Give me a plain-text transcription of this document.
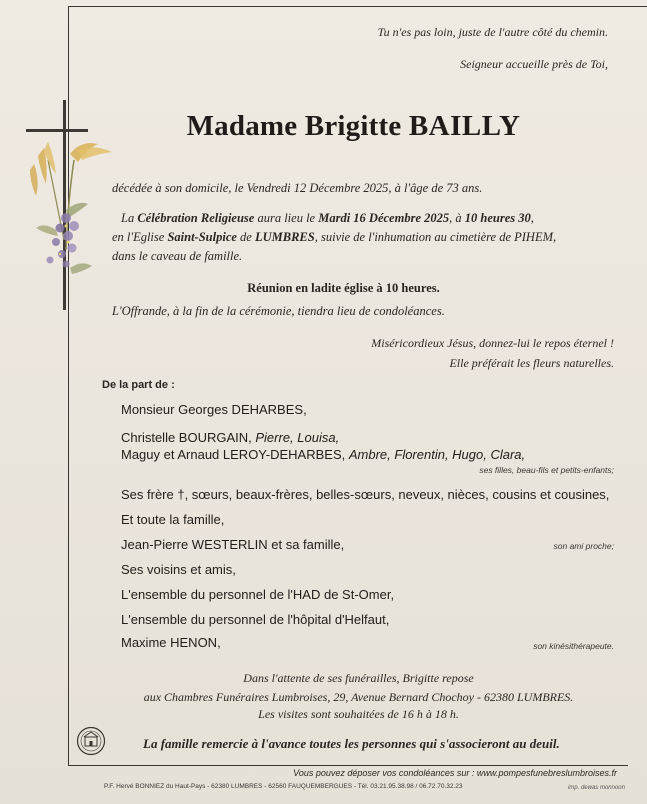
Tu n'es pas loin, juste de l'autre côté du chemin.
Seigneur accueille près de Toi,
Madame Brigitte BAILLY
décédée à son domicile, le Vendredi 12 Décembre 2025, à l'âge de 73 ans.
La Célébration Religieuse aura lieu le Mardi 16 Décembre 2025, à 10 heures 30,
en l'Eglise Saint-Sulpice de LUMBRES, suivie de l'inhumation au cimetière de PIHEM,
dans le caveau de famille.
Réunion en ladite église à 10 heures.
L'Offrande, à la fin de la cérémonie, tiendra lieu de condoléances.
Miséricordieux Jésus, donnez-lui le repos éternel !
Elle préférait les fleurs naturelles.
De la part de :
Monsieur Georges DEHARBES,
Christelle BOURGAIN, Pierre, Louisa,
Maguy et Arnaud LEROY-DEHARBES, Ambre, Florentin, Hugo, Clara,
ses filles, beau-fils et petits-enfants;
Ses frère †, sœurs, beaux-frères, belles-sœurs, neveux, nièces, cousins et cousines,
Et toute la famille,
Jean-Pierre WESTERLIN et sa famille,	son ami proche;
Ses voisins et amis,
L'ensemble du personnel de l'HAD de St-Omer,
L'ensemble du personnel de l'hôpital d'Helfaut,
Maxime HENON,	son kinésithérapeute.
Dans l'attente de ses funérailles, Brigitte repose
aux Chambres Funéraires Lumbroises, 29, Avenue Bernard Chochoy - 62380 LUMBRES.
Les visites sont souhaitées de 16 h à 18 h.
La famille remercie à l'avance toutes les personnes qui s'associeront au deuil.
Vous pouvez déposer vos condoléances sur : www.pompesfunebreslumbroises.fr
P.F. Hervé BONNIEZ du Haut-Pays - 62380 LUMBRES - 62560 FAUQUEMBERGUES - Tél. 03.21.95.38.98 / 06.72.70.32.23	imp. dewas monnoon
